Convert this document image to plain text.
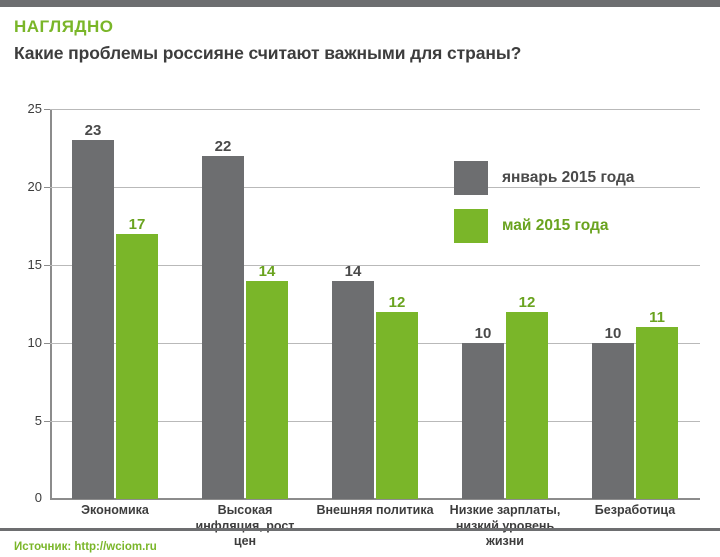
НАГЛЯДНО
Какие проблемы россияне считают важными для страны?
25
20
15
10
5
0
23
17
22
14	14
12
10
12
10
11
январь 2015 года
май 2015 года
Экономика	Высокая
инфляция, рост
цен
Внешняя политика	Низкие зарплаты,
низкий уровень
жизни
Безработица
Источник: http://wciom.ru
